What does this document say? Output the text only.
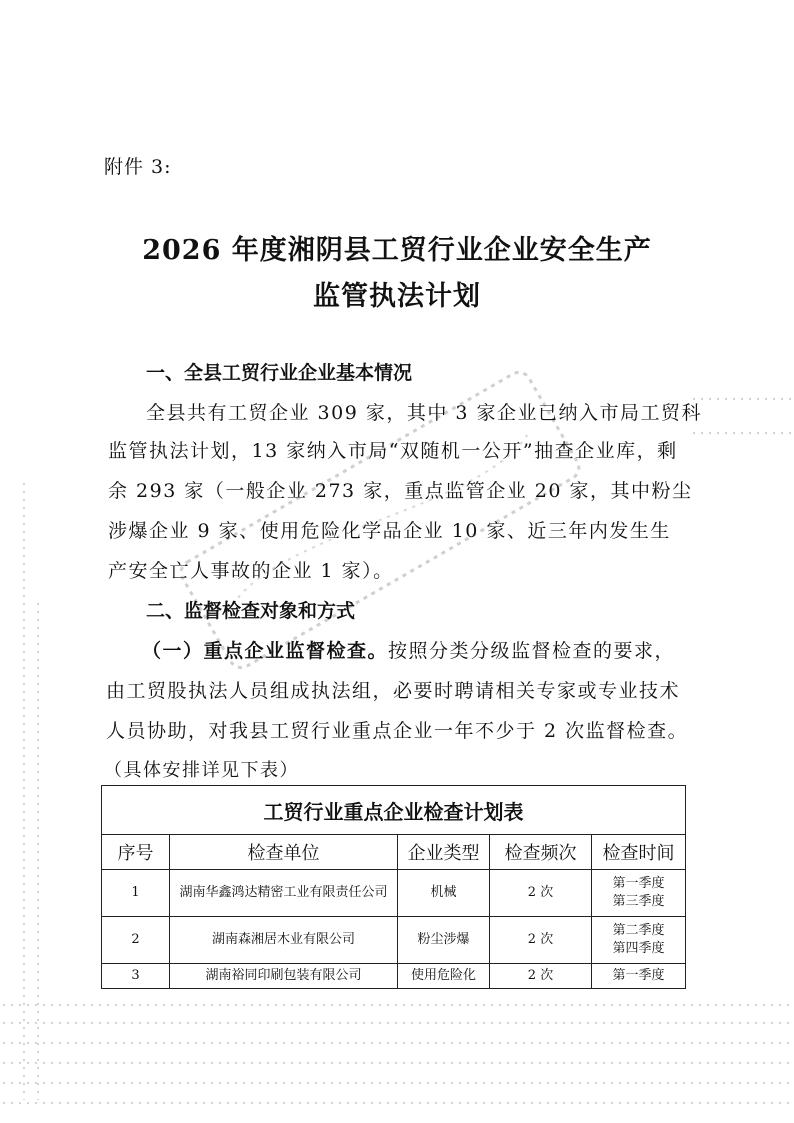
附件 3:
2026 年度湘阴县工贸行业企业安全生产
监管执法计划
一、全县工贸行业企业基本情况
全县共有工贸企业 309 家，其中 3 家企业已纳入市局工贸科
监管执法计划，13 家纳入市局“双随机一公开”抽查企业库，剩
余 293 家（一般企业 273 家，重点监管企业 20 家，其中粉尘
涉爆企业 9 家、使用危险化学品企业 10 家、近三年内发生生
产安全亡人事故的企业 1 家）。
二、监督检查对象和方式
（一）重点企业监督检查。按照分类分级监督检查的要求，
由工贸股执法人员组成执法组，必要时聘请相关专家或专业技术
人员协助，对我县工贸行业重点企业一年不少于 2 次监督检查。
（具体安排详见下表）
工贸行业重点企业检查计划表				
序号	检查单位	企业类型	检查频次	检查时间
1	湖南华鑫鸿达精密工业有限责任公司	机械	2 次	第一季度
第三季度

2	湖南森湘居木业有限公司	粉尘涉爆	2 次	第二季度
第四季度

3	湖南裕同印刷包装有限公司	使用危险化	2 次	第一季度
